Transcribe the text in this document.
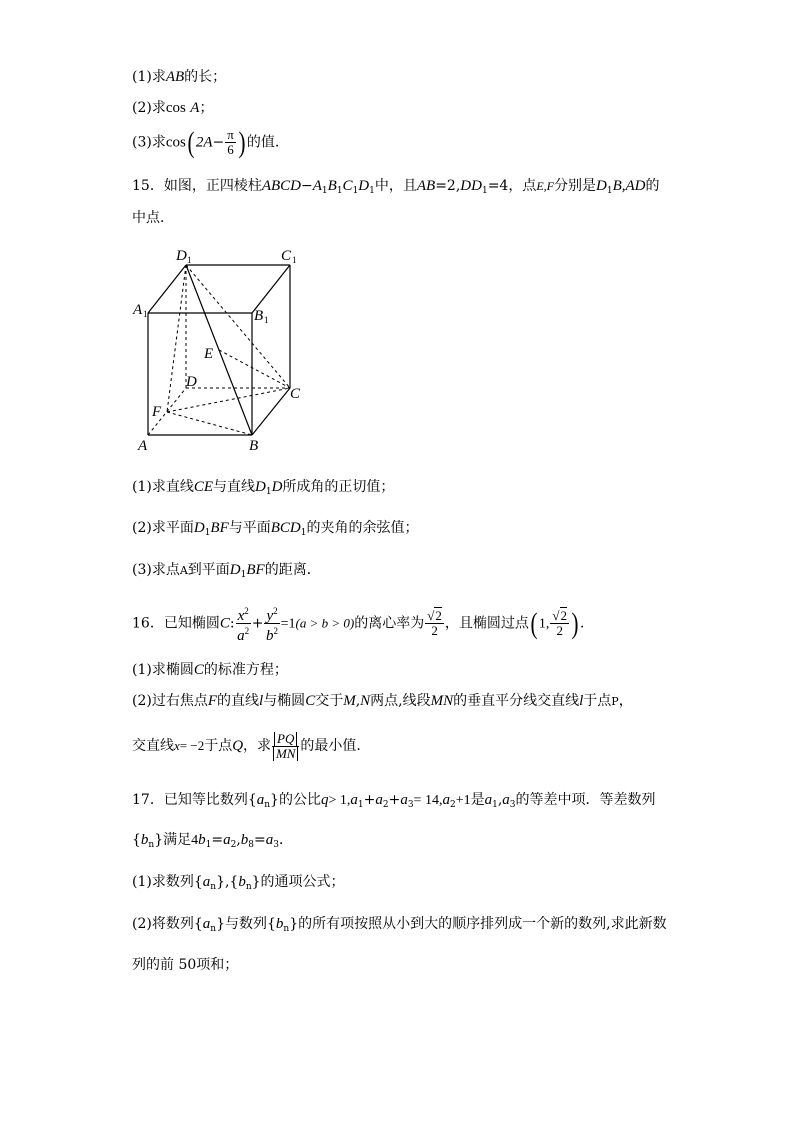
(1)求AB的长；
(2)求cos A；
(3)求cos( $2A- \frac{\pi}{6}$ ) 的值.
15．如图，正四棱柱$ABCD-A_1B_1C_1D_1$中，且$AB=2,DD_1=4$，点E,F分别是$D_1B,AD$的
中点．
D 1	C 1
A 1	B 1
E
D
C
F
A	B
(1)求直线CE与直线$D_1D$所成角的正切值；
(2)求平面$D_1BF$与平面$BCD_1$的夹角的余弦值；
(3)求点A到平面$D_1BF$的距离．
16．已知椭圆C: $\frac{x^2}{a^2} + \frac{y^2}{b^2} =1(a > b > 0)$的离心率为 $\frac{√2}{2}$ ，且椭圆过点( 1, $\frac{√2}{2}$ ) ．
(1)求椭圆C的标准方程；
(2)过右焦点F的直线l与椭圆C交于M,N两点,线段MN的垂直平分线交直线l于点P，
交直线x= −2于点Q，求 $\frac{PQ}{MN}$ 的最小值.
17．已知等比数列$\{a_n\}$的公比$q> 1,a_1+a_2+a_3= 14,a_2+1$是$a_1,a_3$的等差中项．等差数列
$\{b_n\}$满足$4b_1=a_2,b_8=a_3$．
(1)求数列$\{a_n\},\{b_n\}$的通项公式；
(2)将数列$\{a_n\}$与数列$\{b_n\}$的所有项按照从小到大的顺序排列成一个新的数列,求此新数
列的前 50项和；
